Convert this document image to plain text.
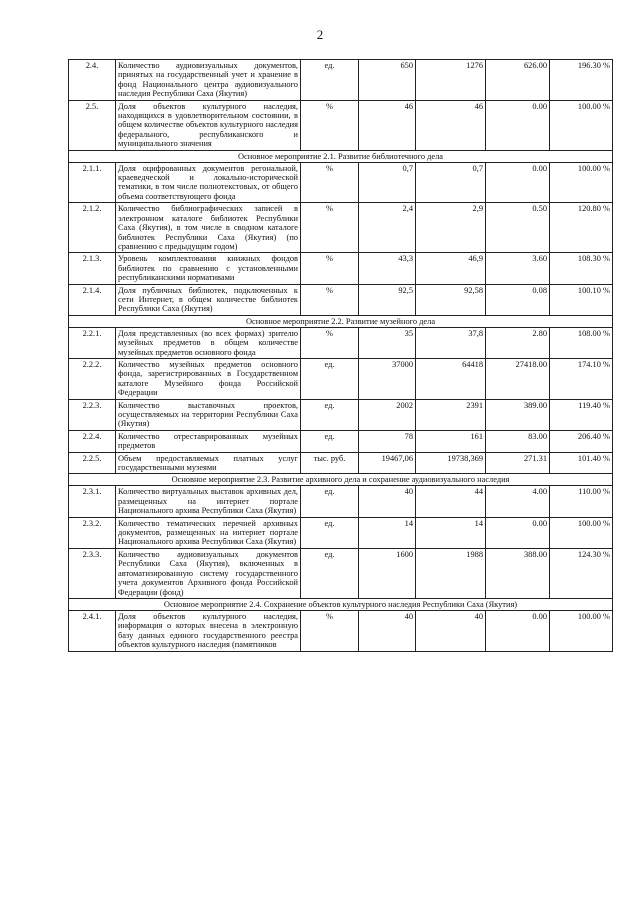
2
2.4.	Количество аудиовизуальных документов, принятых на государственный учет и хранение в фонд Национального центра аудиовизуального наследия Республики Саха (Якутия)	ед.	650	1276	626.00	196.30 %
2.5.	Доля объектов культурного наследия, находящихся в удовлетворительном состоянии, в общем количестве объектов культурного наследия федерального, республиканского и муниципального значения	%	46	46	0.00	100.00 %
Основное мероприятие 2.1. Развитие библиотечного дела						
2.1.1.	Доля оцифрованных документов регональной, краеведческой и локально-исторической тематики, в том числе полнотекстовых, от общего объема соответствующего фонда	%	0,7	0,7	0.00	100.00 %
2.1.2.	Количество библиографических записей в электронном каталоге библиотек Республики Саха (Якутия), в том числе в сводном каталоге библиотек Республики Саха (Якутия) (по сравнению с предыдущим годом)	%	2,4	2,9	0.50	120.80 %
2.1.3.	Уровень комплектования книжных фондов библиотек по сравнению с установленными республиканскими нормативами	%	43,3	46,9	3.60	108.30 %
2.1.4.	Доля публичных библиотек, подключенных к сети Интернет, в общем количестве библиотек Республики Саха (Якутия)	%	92,5	92,58	0.08	100.10 %
Основное мероприятие 2.2. Развитие музейного дела						
2.2.1.	Доля представленных (во всех формах) зрителю музейных предметов в общем количестве музейных предметов основного фонда	%	35	37,8	2.80	108.00 %
2.2.2.	Количество музейных предметов основного фонда, зарегистрированных в Государственном каталоге Музейного фонда Российской Федерации	ед.	37000	64418	27418.00	174.10 %
2.2.3.	Количество выставочных проектов, осуществляемых на территории Республики Саха (Якутия)	ед.	2002	2391	389.00	119.40 %
2.2.4.	Количество отреставрированных музейных предметов	ед.	78	161	83.00	206.40 %
2.2.5.	Объем предоставляемых платных услуг государственными музеями	тыс. руб.	19467,06	19738,369	271.31	101.40 %
Основное мероприятие 2.3. Развитие архивного дела и сохранение аудиовизуального наследия						
2.3.1.	Количество виртуальных выставок архивных дел, размещенных на интернет портале Национального архива Республики Саха (Якутия)	ед.	40	44	4.00	110.00 %
2.3.2.	Количество тематических перечней архивных документов, размещенных на интернет портале Национального архива Республики Саха (Якутия)	ед.	14	14	0.00	100.00 %
2.3.3.	Количество аудиовизуальных документов Республики Саха (Якутия), включенных в автоматизированную систему государственного учета документов Архивного фонда Российской Федерации (фонд)	ед.	1600	1988	388.00	124.30 %
Основное мероприятие 2.4. Сохранение объектов культурного наследия Республики Саха (Якутия)						
2.4.1.	Доля объектов культурного наследия, информация о которых внесена в электронную базу данных единого государственного реестра объектов культурного наследия (памятников	%	40	40	0.00	100.00 %
